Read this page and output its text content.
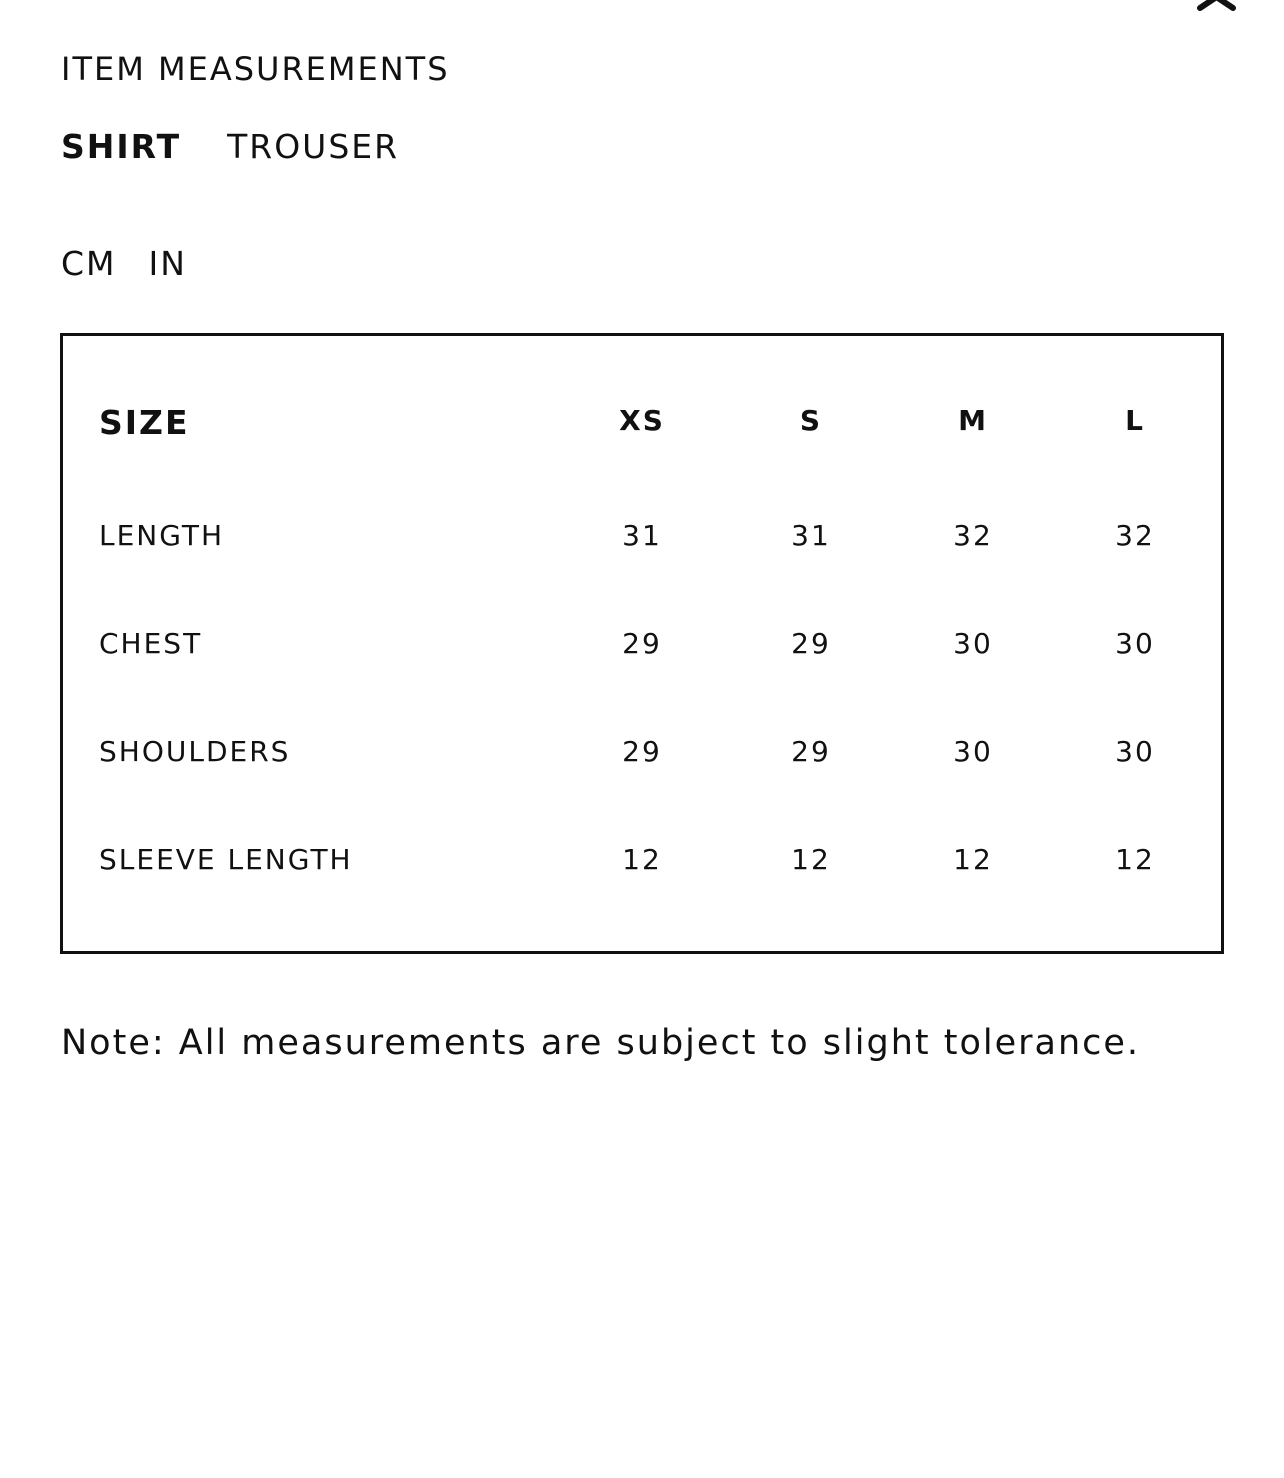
ITEM MEASUREMENTS
SHIRT TROUSER
CM IN
SIZE	XS	S	M	L
LENGTH	31	31	32	32
CHEST	29	29	30	30
SHOULDERS	29	29	30	30
SLEEVE LENGTH	12	12	12	12
Note: All measurements are subject to slight tolerance.
